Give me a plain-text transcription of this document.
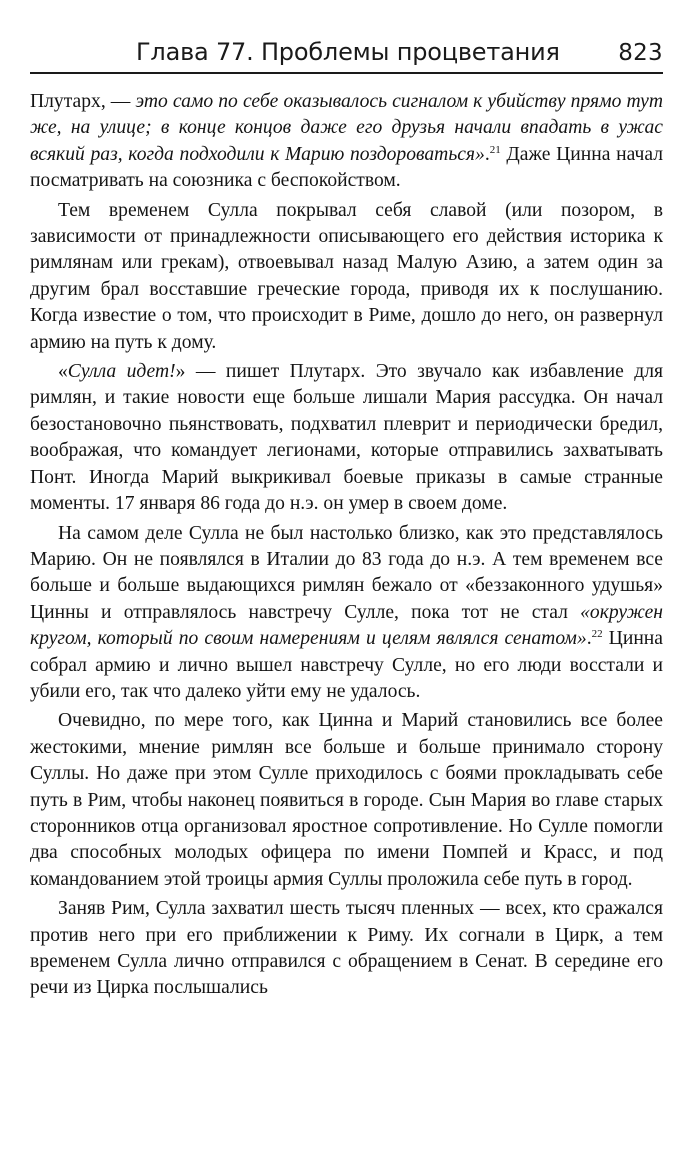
Глава 77. Проблемы процветания	823

Плутарх, — это само по себе оказывалось сигналом к убийству прямо тут же, на улице; в конце концов даже его друзья начали впадать в ужас всякий раз, когда подходили к Марию поздороваться».$^{21}$ Даже Цинна начал посматривать на союзника с беспокойством.

Тем временем Сулла покрывал себя славой (или позором, в зависимости от принадлежности описывающего его действия историка к римлянам или грекам), отвоевывал назад Малую Азию, а затем один за другим брал восставшие греческие города, приводя их к послушанию. Когда известие о том, что происходит в Риме, дошло до него, он развернул армию на путь к дому.

«Сулла идет!» — пишет Плутарх. Это звучало как избавление для римлян, и такие новости еще больше лишали Мария рассудка. Он начал безостановочно пьянствовать, подхватил плеврит и периодически бредил, воображая, что командует легионами, которые отправились захватывать Понт. Иногда Марий выкрикивал боевые приказы в самые странные моменты. 17 января 86 года до н.э. он умер в своем доме.

На самом деле Сулла не был настолько близко, как это представлялось Марию. Он не появлялся в Италии до 83 года до н.э. А тем временем все больше и больше выдающихся римлян бежало от «беззаконного удушья» Цинны и отправлялось навстречу Сулле, пока тот не стал «окружен кругом, который по своим намерениям и целям являлся сенатом».$^{22}$ Цинна собрал армию и лично вышел навстречу Сулле, но его люди восстали и убили его, так что далеко уйти ему не удалось.

Очевидно, по мере того, как Цинна и Марий становились все более жестокими, мнение римлян все больше и больше принимало сторону Суллы. Но даже при этом Сулле приходилось с боями прокладывать себе путь в Рим, чтобы наконец появиться в городе. Сын Мария во главе старых сторонников отца организовал яростное сопротивление. Но Сулле помогли два способных молодых офицера по имени Помпей и Красс, и под командованием этой троицы армия Суллы проложила себе путь в город.

Заняв Рим, Сулла захватил шесть тысяч пленных — всех, кто сражался против него при его приближении к Риму. Их согнали в Цирк, а тем временем Сулла лично отправился с обращением в Сенат. В середине его речи из Цирка послышались
